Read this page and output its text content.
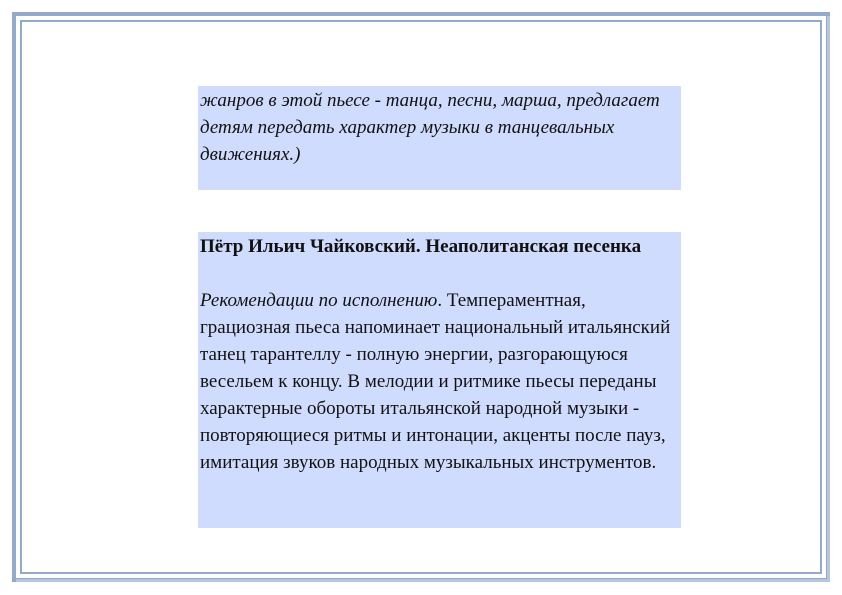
жанров в этой пьесе - танца, песни, марша, предлагает детям передать характер музыки в танцевальных движениях.)

Пётр Ильич Чайковский. Неаполитанская песенка

Рекомендации по исполнению. Темпераментная, грациозная пьеса напоминает национальный итальянский танец тарантеллу - полную энергии, разгорающуюся весельем к концу. В мелодии и ритмике пьесы переданы характерные обороты итальянской народной музыки - повторяющиеся ритмы и интонации, акценты после пауз, имитация звуков народных музыкальных инструментов.
